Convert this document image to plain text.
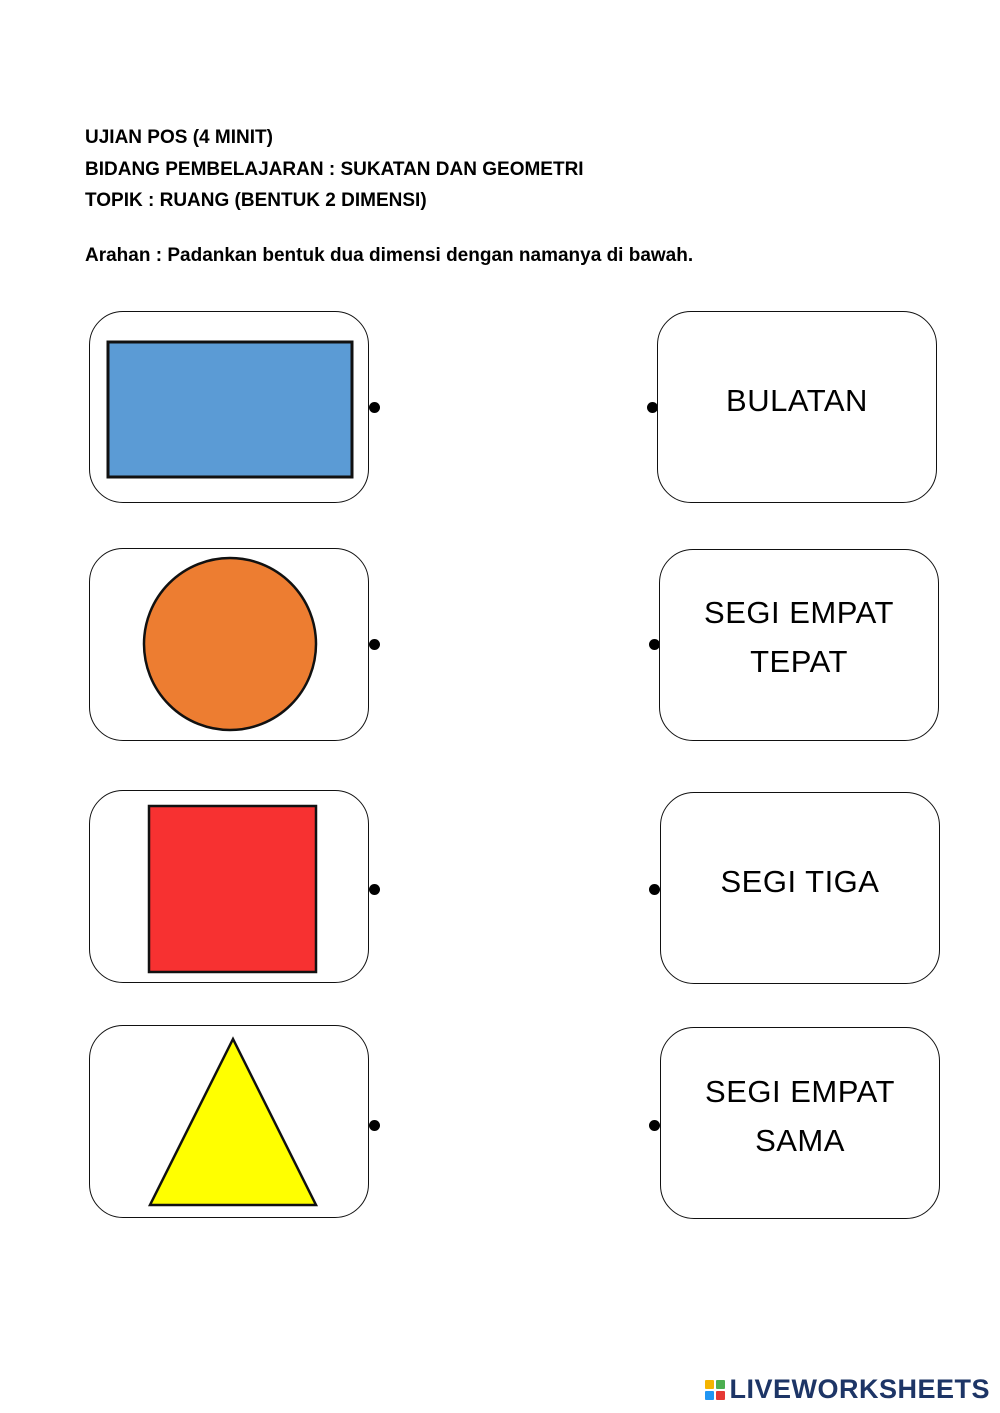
UJIAN POS (4 MINIT)
BIDANG PEMBELAJARAN : SUKATAN DAN GEOMETRI
TOPIK : RUANG (BENTUK 2 DIMENSI)
Arahan : Padankan bentuk dua dimensi dengan namanya di bawah.
BULATAN
SEGI EMPAT
TEPAT
SEGI TIGA
SEGI EMPAT
SAMA
LIVEWORKSHEETS
